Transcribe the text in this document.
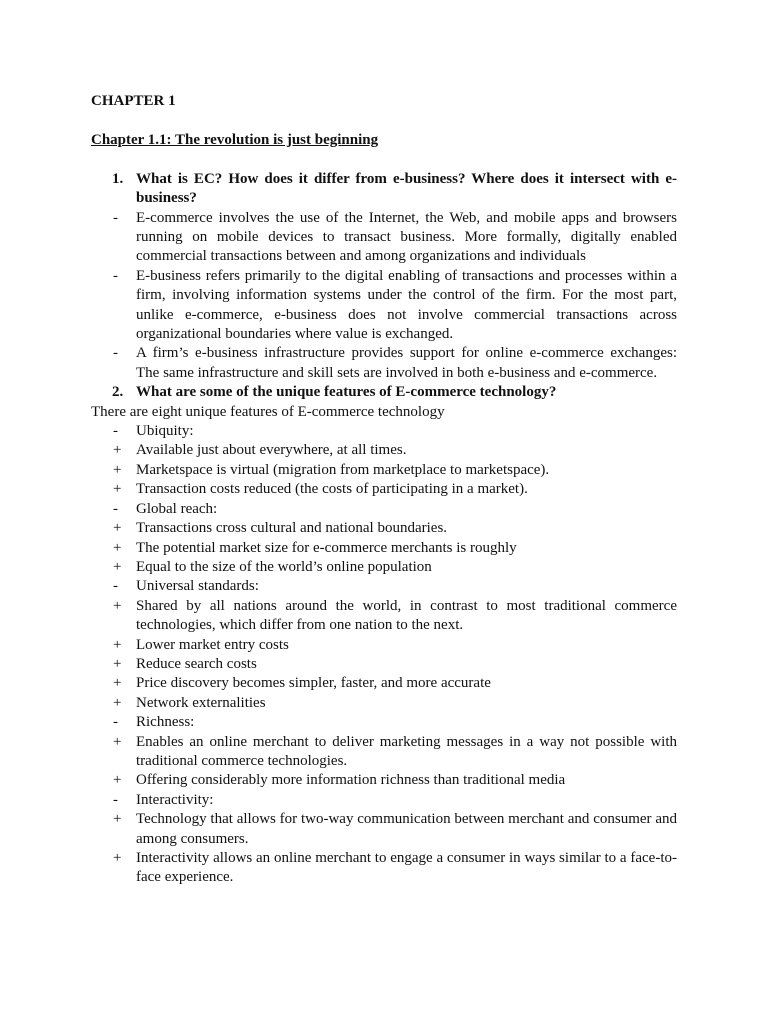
CHAPTER 1

Chapter 1.1: The revolution is just beginning

1. What is EC? How does it differ from e-business? Where does it intersect with e-business?

-	E-commerce involves the use of the Internet, the Web, and mobile apps and browsers running on mobile devices to transact business. More formally, digitally enabled commercial transactions between and among organizations and individuals

-	E-business refers primarily to the digital enabling of transactions and processes within a firm, involving information systems under the control of the firm. For the most part, unlike e-commerce, e-business does not involve commercial transactions across organizational boundaries where value is exchanged.

-	A firm’s e-business infrastructure provides support for online e-commerce exchanges: The same infrastructure and skill sets are involved in both e-business and e-commerce.

2. What are some of the unique features of E-commerce technology?

There are eight unique features of E-commerce technology

-	Ubiquity:

+ Available just about everywhere, at all times.

+ Marketspace is virtual (migration from marketplace to marketspace).

+ Transaction costs reduced (the costs of participating in a market).

-	Global reach:

+ Transactions cross cultural and national boundaries.

+ The potential market size for e-commerce merchants is roughly

+ Equal to the size of the world’s online population

-	Universal standards:

+ Shared by all nations around the world, in contrast to most traditional commerce technologies, which differ from one nation to the next.

+ Lower market entry costs

+ Reduce search costs

+ Price discovery becomes simpler, faster, and more accurate

+ Network externalities

-	Richness:

+ Enables an online merchant to deliver marketing messages in a way not possible with traditional commerce technologies.

+ Offering considerably more information richness than traditional media

-	Interactivity:

+ Technology that allows for two-way communication between merchant and consumer and among consumers.

+ Interactivity allows an online merchant to engage a consumer in ways similar to a face-to-face experience.
